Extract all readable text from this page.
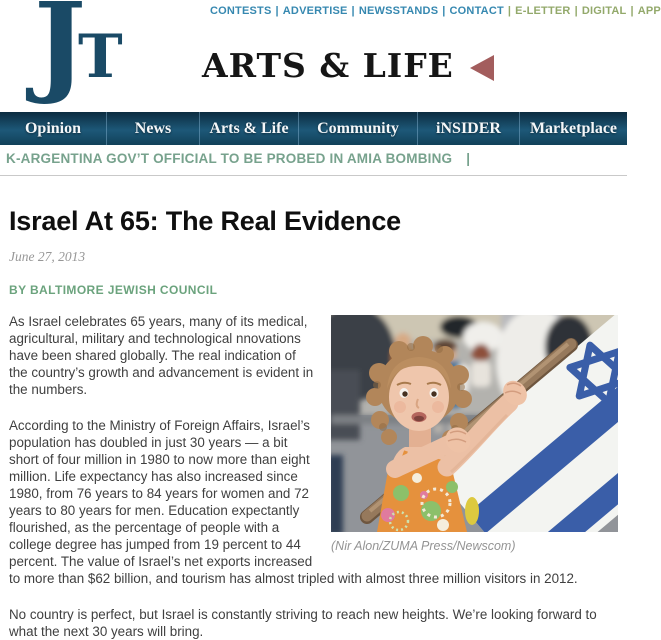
JT
CONTESTS | ADVERTISE | NEWSSTANDS | CONTACT | E-LETTER | DIGITAL | APP
ARTS & LIFE
Opinion	News	Arts & Life	Community	iNSIDER	Marketplace
K-ARGENTINA GOV’T OFFICIAL TO BE PROBED IN AMIA BOMBING |
Israel At 65: The Real Evidence
June 27, 2013
BY BALTIMORE JEWISH COUNCIL
(Nir Alon/ZUMA Press/Newscom)

As Israel celebrates 65 years, many of its medical, agricultural, military and technological nnovations have been shared globally. The real indication of the country’s growth and advancement is evident in the numbers.

According to the Ministry of Foreign Affairs, Israel’s population has doubled in just 30 years — a bit short of four million in 1980 to now more than eight million. Life expectancy has also increased since 1980, from 76 years to 84 years for women and 72 years to 80 years for men. Education expectantly flourished, as the percentage of people with a college degree has jumped from 19 percent to 44 percent. The value of Israel’s net exports increased to more than $62 billion, and tourism has almost tripled with almost three million visitors in 2012.

No country is perfect, but Israel is constantly striving to reach new heights. We’re looking forward to what the next 30 years will bring.
